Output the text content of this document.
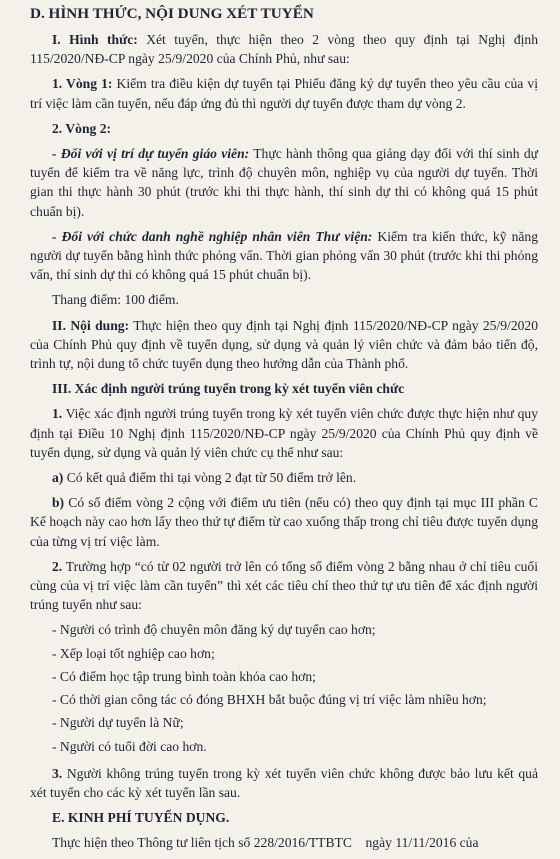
D. HÌNH THỨC, NỘI DUNG XÉT TUYỂN

I. Hình thức: Xét tuyển, thực hiện theo 2 vòng theo quy định tại Nghị định 115/2020/NĐ-CP ngày 25/9/2020 của Chính Phủ, như sau:

1. Vòng 1: Kiểm tra điều kiện dự tuyển tại Phiếu đăng ký dự tuyển theo yêu cầu của vị trí việc làm cần tuyển, nếu đáp ứng đủ thì người dự tuyển được tham dự vòng 2.

2. Vòng 2:

- Đối với vị trí dự tuyển giáo viên: Thực hành thông qua giảng dạy đối với thí sinh dự tuyển để kiểm tra về năng lực, trình độ chuyên môn, nghiệp vụ của người dự tuyển. Thời gian thi thực hành 30 phút (trước khi thi thực hành, thí sinh dự thi có không quá 15 phút chuẩn bị).

- Đối với chức danh nghề nghiệp nhân viên Thư viện: Kiểm tra kiến thức, kỹ năng người dự tuyển bằng hình thức phỏng vấn. Thời gian phỏng vấn 30 phút (trước khi thi phỏng vấn, thí sinh dự thi có không quá 15 phút chuẩn bị).

Thang điểm: 100 điểm.

II. Nội dung: Thực hiện theo quy định tại Nghị định 115/2020/NĐ-CP ngày 25/9/2020 của Chính Phủ quy định về tuyển dụng, sử dụng và quản lý viên chức và đảm bảo tiến độ, trình tự, nội dung tổ chức tuyển dụng theo hướng dẫn của Thành phố.

III. Xác định người trúng tuyển trong kỳ xét tuyển viên chức

1. Việc xác định người trúng tuyển trong kỳ xét tuyển viên chức được thực hiện như quy định tại Điều 10 Nghị định 115/2020/NĐ-CP ngày 25/9/2020 của Chính Phủ quy định về tuyển dụng, sử dụng và quản lý viên chức cụ thể như sau:

a) Có kết quả điểm thi tại vòng 2 đạt từ 50 điểm trở lên.

b) Có số điểm vòng 2 cộng với điểm ưu tiên (nếu có) theo quy định tại mục III phần C Kế hoạch này cao hơn lấy theo thứ tự điểm từ cao xuống thấp trong chỉ tiêu được tuyển dụng của từng vị trí việc làm.

2. Trường hợp “có từ 02 người trở lên có tổng số điểm vòng 2 bằng nhau ở chỉ tiêu cuối cùng của vị trí việc làm cần tuyển” thì xét các tiêu chí theo thứ tự ưu tiên để xác định người trúng tuyển như sau:

- Người có trình độ chuyên môn đăng ký dự tuyển cao hơn;
- Xếp loại tốt nghiệp cao hơn;
- Có điểm học tập trung bình toàn khóa cao hơn;
- Có thời gian công tác có đóng BHXH bắt buộc đúng vị trí việc làm nhiều hơn;
- Người dự tuyển là Nữ;
- Người có tuổi đời cao hơn.

3. Người không trúng tuyển trong kỳ xét tuyển viên chức không được bảo lưu kết quả xét tuyển cho các kỳ xét tuyển lần sau.

E. KINH PHÍ TUYỂN DỤNG.

Thực hiện theo Thông tư liên tịch số 228/2016/TTBTC    ngày 11/11/2016 của
